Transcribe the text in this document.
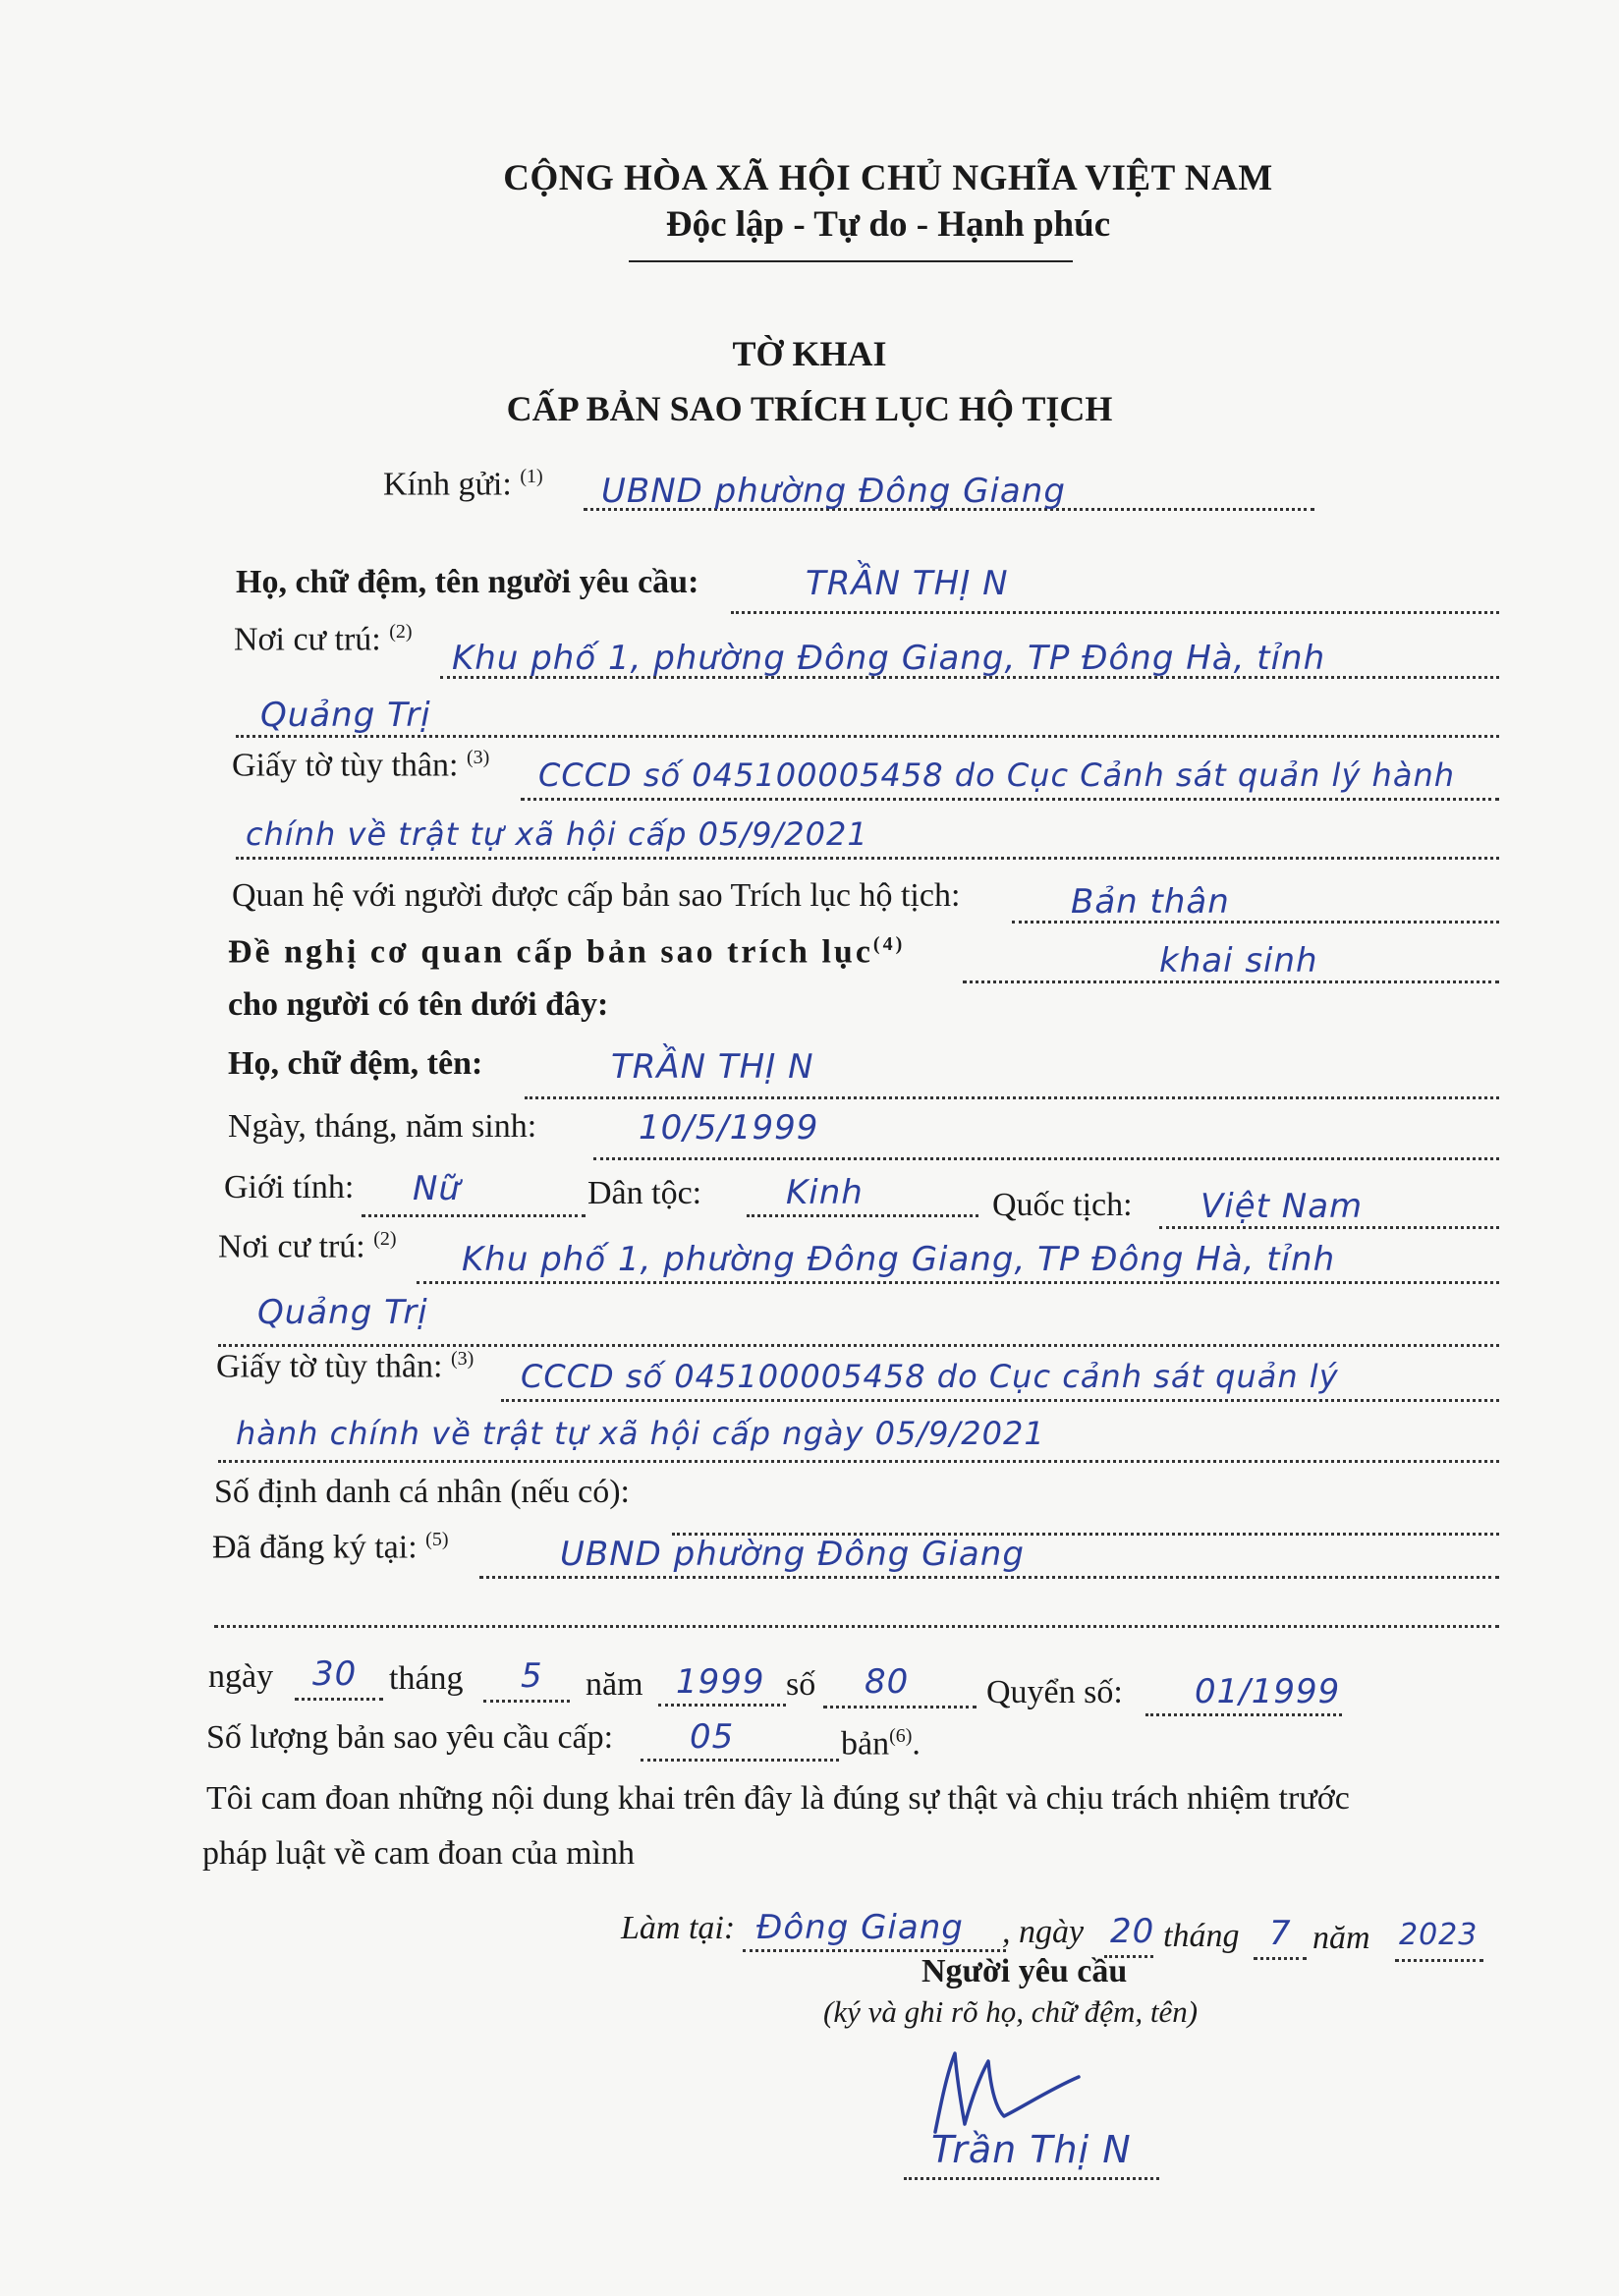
CỘNG HÒA XÃ HỘI CHỦ NGHĨA VIỆT NAM
Độc lập - Tự do - Hạnh phúc
TỜ KHAI
CẤP BẢN SAO TRÍCH LỤC HỘ TỊCH
Kính gửi: $^{(1)}$ UBND phường Đông Giang
Họ, chữ đệm, tên người yêu cầu:	TRẦN THỊ N
Nơi cư trú: $^{(2)}$
Khu phố 1, phường Đông Giang, TP Đông Hà, tỉnh
Quảng Trị
Giấy tờ tùy thân: $^{(3)}$ CCCD số 045100005458 do Cục Cảnh sát quản lý hành
chính về trật tự xã hội cấp 05/9/2021
Quan hệ với người được cấp bản sao Trích lục hộ tịch:	Bản thân
Đề nghị cơ quan cấp bản sao trích lục$^{(4)}$	khai sinh
cho người có tên dưới đây:
Họ, chữ đệm, tên:	TRẦN THỊ N
Ngày, tháng, năm sinh:	10/5/1999
Giới tính: Nữ	Dân tộc:	Kinh	Quốc tịch: Việt Nam
Nơi cư trú: $^{(2)}$
Khu phố 1, phường Đông Giang, TP Đông Hà, tỉnh
Quảng Trị
Giấy tờ tùy thân: $^{(3)}$ CCCD số 045100005458 do Cục cảnh sát quản lý
hành chính về trật tự xã hội cấp ngày 05/9/2021
Số định danh cá nhân (nếu có):
Đã đăng ký tại: $^{(5)}$	UBND phường Đông Giang
ngày 30 tháng 5 năm 1999 số 80 Quyển số: 01/1999
Số lượng bản sao yêu cầu cấp: 05	bản$^{(6)}$.
Tôi cam đoan những nội dung khai trên đây là đúng sự thật và chịu trách nhiệm trước
pháp luật về cam đoan của mình
Làm tại: Đông Giang , ngày 20 tháng 7 năm 2023
Người yêu cầu
(ký và ghi rõ họ, chữ đệm, tên)
Trần Thị N
